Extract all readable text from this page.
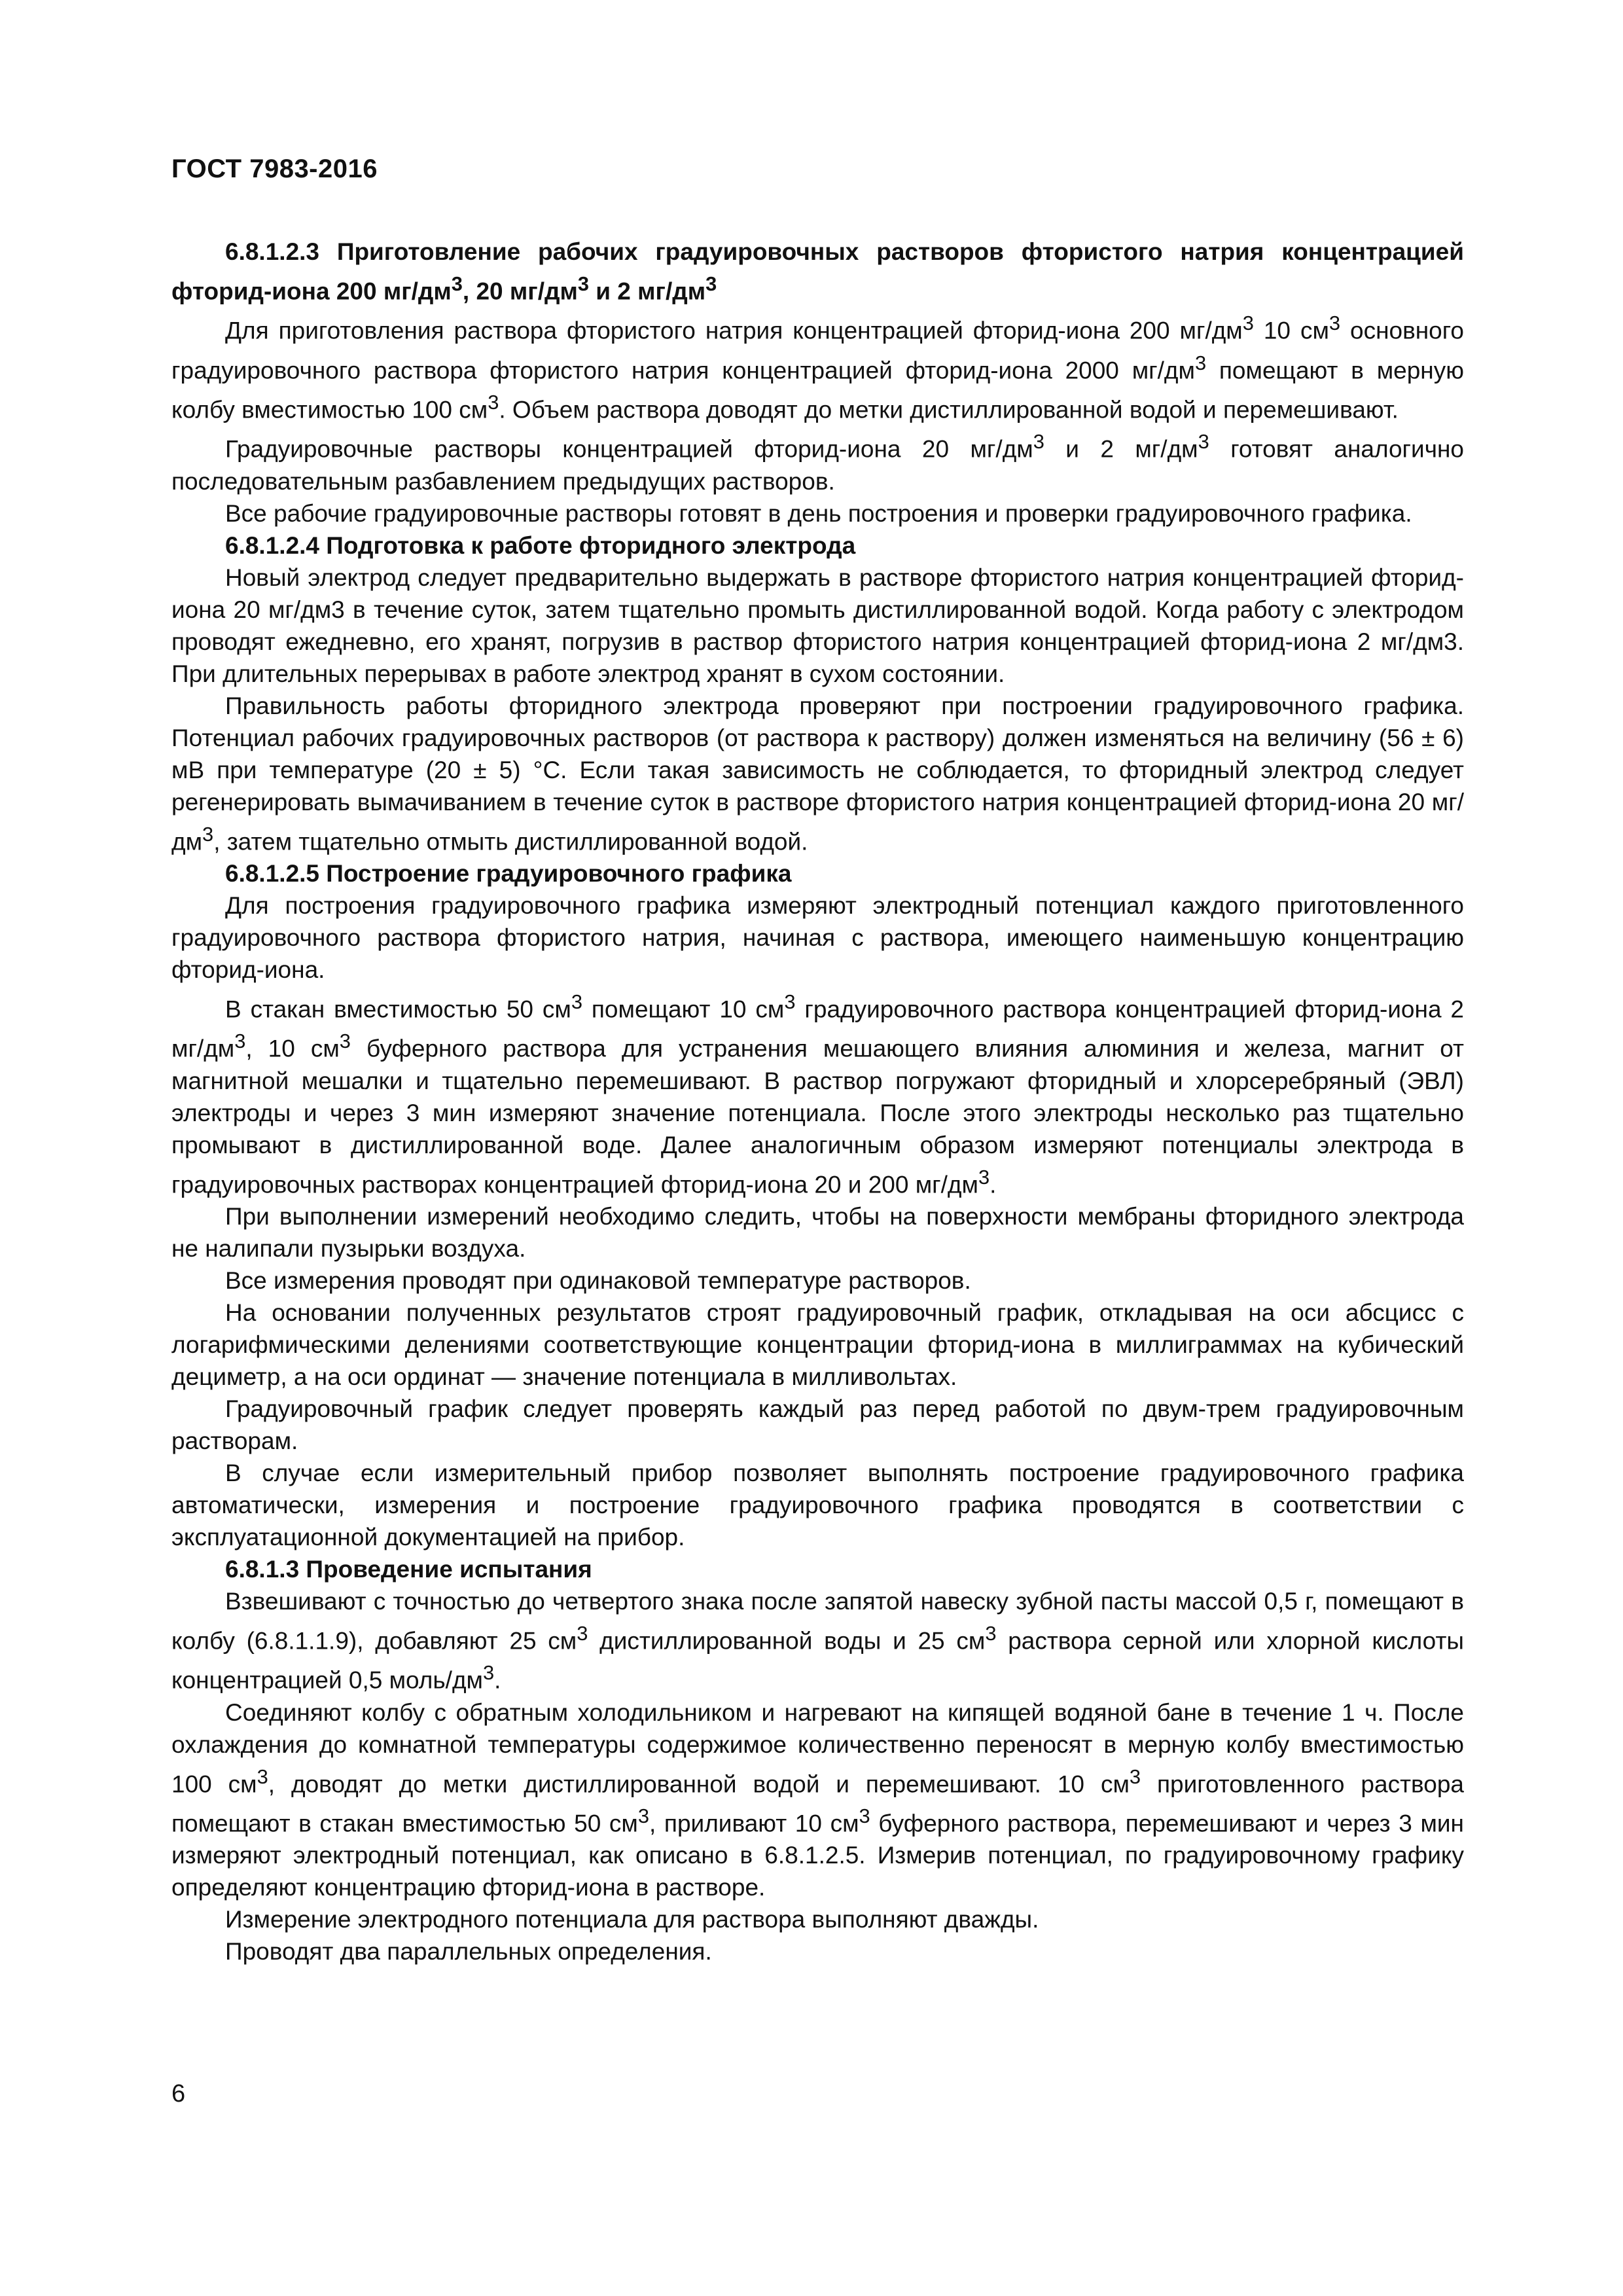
ГОСТ 7983-2016

6.8.1.2.3 Приготовление рабочих градуировочных растворов фтористого натрия концентрацией фторид-иона 200 $мг/дм^3$, 20 $мг/дм^3$ и 2 $мг/дм^3$

Для приготовления раствора фтористого натрия концентрацией фторид-иона 200 $мг/дм^3$ 10 $см^3$ основного градуировочного раствора фтористого натрия концентрацией фторид-иона 2000 $мг/дм^3$ помещают в мерную колбу вместимостью 100 $см^3$. Объем раствора доводят до метки дистиллированной водой и перемешивают.

Градуировочные растворы концентрацией фторид-иона 20 $мг/дм^3$ и 2 $мг/дм^3$ готовят аналогично последовательным разбавлением предыдущих растворов.

Все рабочие градуировочные растворы готовят в день построения и проверки градуировочного графика.

6.8.1.2.4 Подготовка к работе фторидного электрода

Новый электрод следует предварительно выдержать в растворе фтористого натрия концентрацией фторид-иона 20 мг/дм3 в течение суток, затем тщательно промыть дистиллированной водой. Когда работу с электродом проводят ежедневно, его хранят, погрузив в раствор фтористого натрия концентрацией фторид-иона 2 мг/дм3. При длительных перерывах в работе электрод хранят в сухом состоянии.

Правильность работы фторидного электрода проверяют при построении градуировочного графика. Потенциал рабочих градуировочных растворов (от раствора к раствору) должен изменяться на величину (56 ± 6) мВ при температуре (20 ± 5) °С. Если такая зависимость не соблюдается, то фторидный электрод следует регенерировать вымачиванием в течение суток в растворе фтористого натрия концентрацией фторид-иона 20 $мг/дм^3$, затем тщательно отмыть дистиллированной водой.

6.8.1.2.5 Построение градуировочного графика

Для построения градуировочного графика измеряют электродный потенциал каждого приготовленного градуировочного раствора фтористого натрия, начиная с раствора, имеющего наименьшую концентрацию фторид-иона.

В стакан вместимостью 50 $см^3$ помещают 10 $см^3$ градуировочного раствора концентрацией фторид-иона 2 $мг/дм^3$, 10 $см^3$ буферного раствора для устранения мешающего влияния алюминия и железа, магнит от магнитной мешалки и тщательно перемешивают. В раствор погружают фторидный и хлорсеребряный (ЭВЛ) электроды и через 3 мин измеряют значение потенциала. После этого электроды несколько раз тщательно промывают в дистиллированной воде. Далее аналогичным образом измеряют потенциалы электрода в градуировочных растворах концентрацией фторид-иона 20 и 200 $мг/дм^3$.

При выполнении измерений необходимо следить, чтобы на поверхности мембраны фторидного электрода не налипали пузырьки воздуха.

Все измерения проводят при одинаковой температуре растворов.

На основании полученных результатов строят градуировочный график, откладывая на оси абсцисс с логарифмическими делениями соответствующие концентрации фторид-иона в миллиграммах на кубический дециметр, а на оси ординат — значение потенциала в милливольтах.

Градуировочный график следует проверять каждый раз перед работой по двум-трем градуировочным растворам.

В случае если измерительный прибор позволяет выполнять построение градуировочного графика автоматически, измерения и построение градуировочного графика проводятся в соответствии с эксплуатационной документацией на прибор.

6.8.1.3 Проведение испытания

Взвешивают с точностью до четвертого знака после запятой навеску зубной пасты массой 0,5 г, помещают в колбу (6.8.1.1.9), добавляют 25 $см^3$ дистиллированной воды и 25 $см^3$ раствора серной или хлорной кислоты концентрацией 0,5 моль/$дм^3$.

Соединяют колбу с обратным холодильником и нагревают на кипящей водяной бане в течение 1 ч. После охлаждения до комнатной температуры содержимое количественно переносят в мерную колбу вместимостью 100 $см^3$, доводят до метки дистиллированной водой и перемешивают. 10 $см^3$ приготовленного раствора помещают в стакан вместимостью 50 $см^3$, приливают 10 $см^3$ буферного раствора, перемешивают и через 3 мин измеряют электродный потенциал, как описано в 6.8.1.2.5. Измерив потенциал, по градуировочному графику определяют концентрацию фторид-иона в растворе.

Измерение электродного потенциала для раствора выполняют дважды.

Проводят два параллельных определения.

6
